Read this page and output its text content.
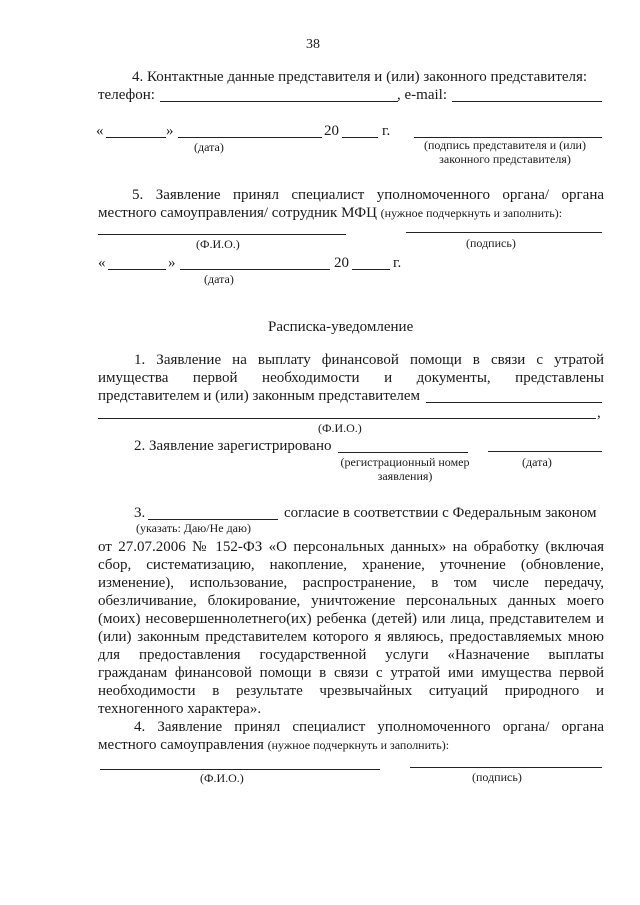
38
4. Контактные данные представителя и (или) законного представителя:
телефон:	, e-mail:
«	»	20	г.
(дата)	(подпись представителя и (или)
законного представителя)
5. Заявление принял специалист уполномоченного органа/ органа
местного самоуправления/ сотрудник МФЦ (нужное подчеркнуть и заполнить):
(Ф.И.О.)	(подпись)
«	»	20	г.
(дата)
Расписка-уведомление
1. Заявление на выплату финансовой помощи в связи с утратой
имущества первой необходимости и документы, представлены
представителем и (или) законным представителем
,
(Ф.И.О.)
2. Заявление зарегистрировано
(регистрационный номер
заявления)
(дата)
3.	согласие в соответствии с Федеральным законом
(указать: Даю/Не даю)
от 27.07.2006 № 152-ФЗ «О персональных данных» на обработку (включая
сбор, систематизацию, накопление, хранение, уточнение (обновление,
изменение), использование, распространение, в том числе передачу,
обезличивание, блокирование, уничтожение персональных данных моего
(моих) несовершеннолетнего(их) ребенка (детей) или лица, представителем и
(или) законным представителем которого я являюсь, предоставляемых мною
для предоставления государственной услуги «Назначение выплаты
гражданам финансовой помощи в связи с утратой ими имущества первой
необходимости в результате чрезвычайных ситуаций природного и
техногенного характера».
4. Заявление принял специалист уполномоченного органа/ органа
местного самоуправления (нужное подчеркнуть и заполнить):
(Ф.И.О.)	(подпись)
